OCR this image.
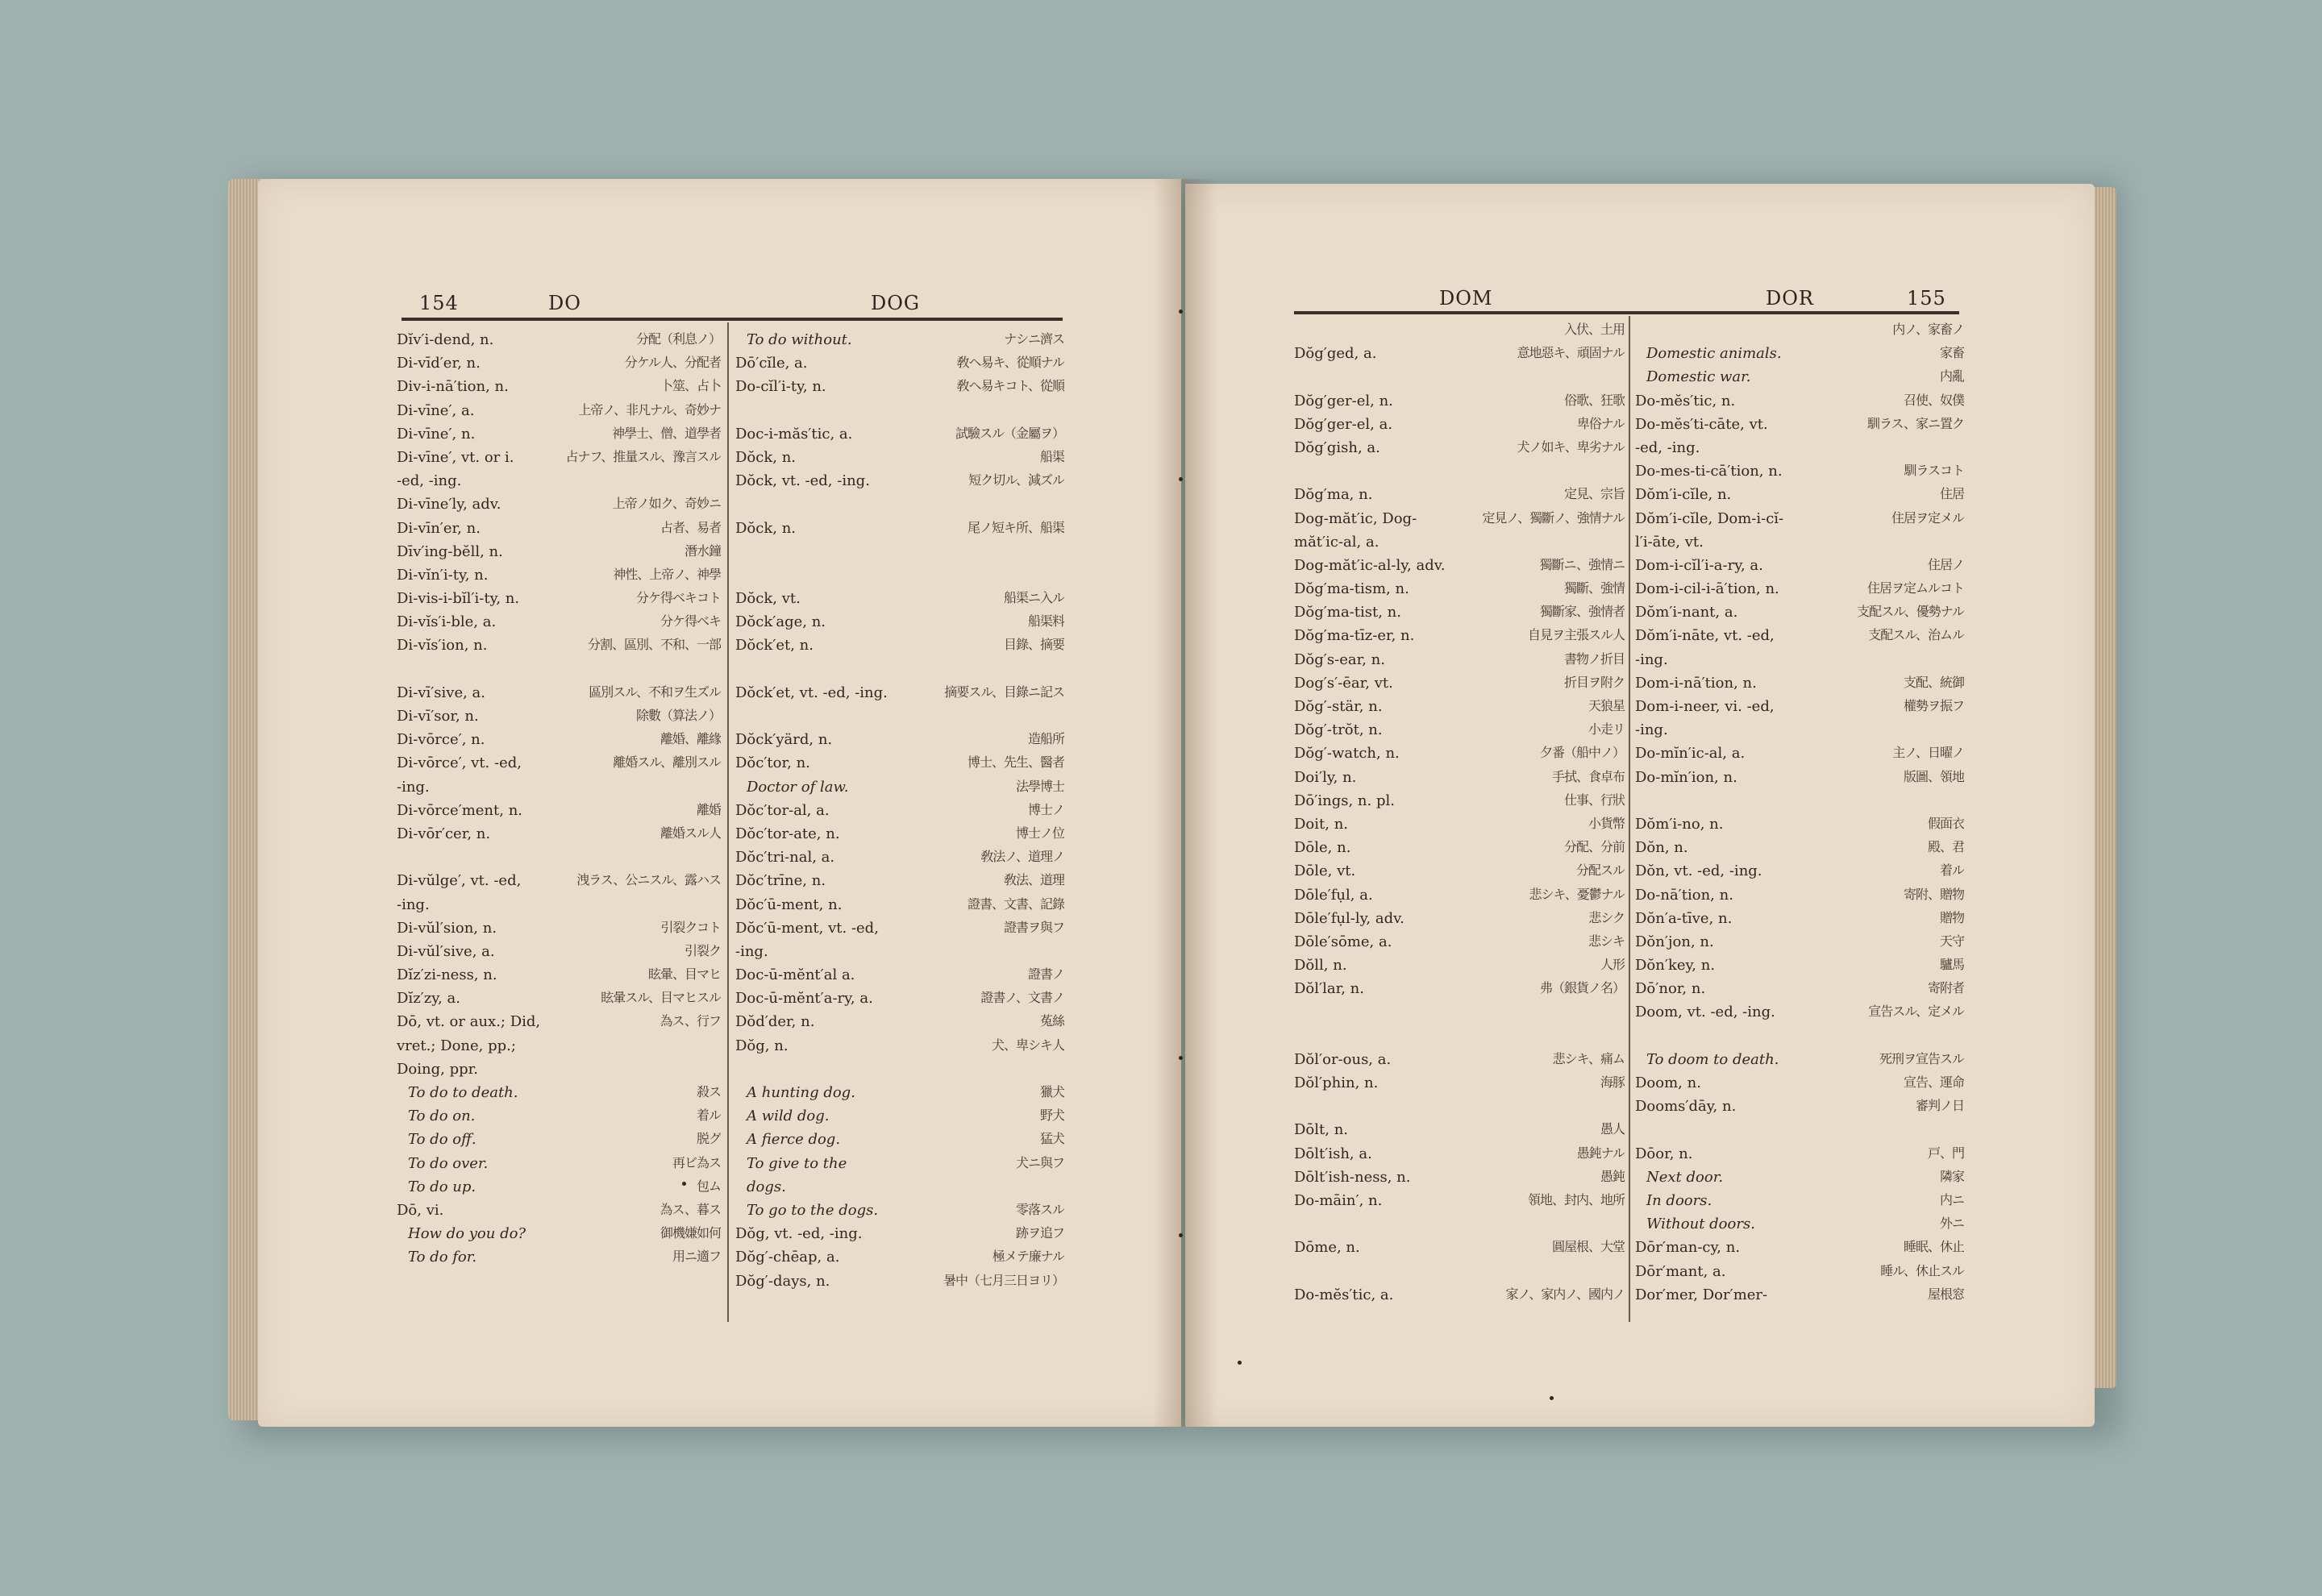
154	DO	DOG	DOM	DOR	155
Dĭv′i-dend, n.	分配（利息ノ）
Di-vīd′er, n.	分ケル人、分配者
Div-i-nā′tion, n.	卜筮、占卜
Di-vīne′, a.	上帝ノ、非凡ナル、奇妙ナ
Di-vīne′, n.	神學士、僧、道學者
Di-vīne′, vt. or i.	占ナフ、推量スル、豫言スル
-ed, -ing.
Di-vīne′ly, adv.	上帝ノ如ク、奇妙ニ
Di-vīn′er, n.	占者、易者
Dīv′ing-bĕll, n.	潛水鐘
Di-vĭn′i-ty, n.	神性、上帝ノ、神學
Di-vis-i-bĭl′i-ty, n.	分ケ得ベキコト
Di-vĭs′i-ble, a.	分ケ得ベキ
Di-vĭs′ion, n.	分割、區別、不和、一部
Di-vī′sive, a.	區別スル、不和ヲ生ズル
Di-vī′sor, n.	除數（算法ノ）
Di-vōrce′, n.	離婚、離緣
Di-vōrce′, vt. -ed,	離婚スル、離別スル
-ing.
Di-vōrce′ment, n.	離婚
Di-vōr′cer, n.	離婚スル人
Di-vŭlge′, vt. -ed,	洩ラス、公ニスル、露ハス
-ing.
Di-vŭl′sion, n.	引裂クコト
Di-vŭl′sive, a.	引裂ク
Dĭz′zi-ness, n.	眩暈、目マヒ
Dĭz′zy, a.	眩暈スル、目マヒスル
Dō, vt. or aux.; Did,	為ス、行フ
vret.; Done, pp.;
Doing, ppr.
To do to death.	殺ス
To do on.	着ル
To do off.	脱グ
To do over.	再ビ為ス
To do up.	包ム
Dō, vi.	為ス、暮ス
How do you do?	御機嫌如何
To do for.	用ニ適フ
To do without.	ナシニ濟ス
Dō′cĭle, a.	敎ヘ易キ、從順ナル
Do-cĭl′i-ty, n.	敎ヘ易キコト、從順
Doc-i-măs′tic, a.	試驗スル（金屬ヲ）
Dŏck, n.	船渠
Dŏck, vt. -ed, -ing.	短ク切ル、減ズル
Dŏck, n.	尾ノ短キ所、船渠
Dŏck, vt.	船渠ニ入ル
Dŏck′age, n.	船渠料
Dŏck′et, n.	目錄、摘要
Dŏck′et, vt. -ed, -ing.	摘要スル、目錄ニ記ス
Dŏck′yärd, n.	造船所
Dŏc′tor, n.	博士、先生、醫者
Doctor of law.	法學博士
Dŏc′tor-al, a.	博士ノ
Dŏc′tor-ate, n.	博士ノ位
Dŏc′tri-nal, a.	敎法ノ、道理ノ
Dŏc′trīne, n.	敎法、道理
Dŏc′ū-ment, n.	證書、文書、記錄
Dŏc′ū-ment, vt. -ed,	證書ヲ與フ
-ing.
Doc-ū-mĕnt′al a.	證書ノ
Doc-ū-mĕnt′a-ry, a.	證書ノ、文書ノ
Dŏd′der, n.	菟絲
Dŏg, n.	犬、卑シキ人
A hunting dog.	獵犬
A wild dog.	野犬
A fierce dog.	猛犬
To give to the	犬ニ與フ
dogs.
To go to the dogs.	零落スル
Dŏg, vt. -ed, -ing.	跡ヲ追フ
Dŏg′-chēap, a.	極メテ廉ナル
Dŏg′-days, n.	暑中（七月三日ヨリ）
入伏、土用
Dŏg′ged, a.	意地惡キ、頑固ナル
Dŏg′ger-el, n.	俗歌、狂歌
Dŏg′ger-el, a.	卑俗ナル
Dŏg′gish, a.	犬ノ如キ、卑劣ナル
Dŏg′ma, n.	定見、宗旨
Dog-măt′ic, Dog-	定見ノ、獨斷ノ、強情ナル
măt′ic-al, a.
Dog-măt′ic-al-ly, adv.	獨斷ニ、強情ニ
Dŏg′ma-tism, n.	獨斷、強情
Dŏg′ma-tist, n.	獨斷家、強情者
Dŏg′ma-tīz-er, n.	自見ヲ主張スル人
Dŏg′s-ear, n.	書物ノ折目
Dog′s′-ēar, vt.	折目ヲ附ク
Dŏg′-stär, n.	天狼星
Dŏg′-trŏt, n.	小走リ
Dŏg′-watch, n.	夕番（船中ノ）
Doi′ly, n.	手拭、食卓布
Dō′ings, n. pl.	仕事、行狀
Doit, n.	小貨幣
Dōle, n.	分配、分前
Dōle, vt.	分配スル
Dōle′fụl, a.	悲シキ、憂鬱ナル
Dōle′fụl-ly, adv.	悲シク
Dōle′sōme, a.	悲シキ
Dŏll, n.	人形
Dŏl′lar, n.	弗（銀貨ノ名）
Dŏl′or-ous, a.	悲シキ、痛ム
Dŏl′phin, n.	海豚
Dōlt, n.	愚人
Dōlt′ish, a.	愚鈍ナル
Dōlt′ish-ness, n.	愚鈍
Do-māin′, n.	領地、封内、地所
Dōme, n.	圓屋根、大堂
Do-mĕs′tic, a.	家ノ、家内ノ、國内ノ
内ノ、家畜ノ
Domestic animals.	家畜
Domestic war.	内亂
Do-mĕs′tic, n.	召使、奴僕
Do-mĕs′ti-cāte, vt.	馴ラス、家ニ置ク
-ed, -ing.
Do-mes-ti-cā′tion, n.	馴ラスコト
Dŏm′i-cĭle, n.	住居
Dŏm′i-cĭle, Dom-i-cĭ-	住居ヲ定メル
l′i-āte, vt.
Dom-i-cĭl′i-a-ry, a.	住居ノ
Dom-i-cil-i-ā′tion, n.	住居ヲ定ムルコト
Dŏm′i-nant, a.	支配スル、優勢ナル
Dŏm′i-nāte, vt. -ed,	支配スル、治ムル
-ing.
Dom-i-nā′tion, n.	支配、統御
Dom-i-neer, vi. -ed,	權勢ヲ振フ
-ing.
Do-mĭn′ic-al, a.	主ノ、日曜ノ
Do-mĭn′ion, n.	版圖、領地
Dŏm′i-no, n.	假面衣
Dŏn, n.	殿、君
Dŏn, vt. -ed, -ing.	着ル
Do-nā′tion, n.	寄附、贈物
Dŏn′a-tīve, n.	贈物
Dŏn′jon, n.	天守
Dŏn′key, n.	驢馬
Dō′nor, n.	寄附者
Doom, vt. -ed, -ing.	宣告スル、定メル
To doom to death.	死刑ヲ宣告スル
Doom, n.	宣告、運命
Dooms′dāy, n.	審判ノ日
Dōor, n.	戸、門
Next door.	隣家
In doors.	内ニ
Without doors.	外ニ
Dōr′man-cy, n.	睡眠、休止
Dōr′mant, a.	睡ル、休止スル
Dor′mer, Dor′mer-	屋根窓
